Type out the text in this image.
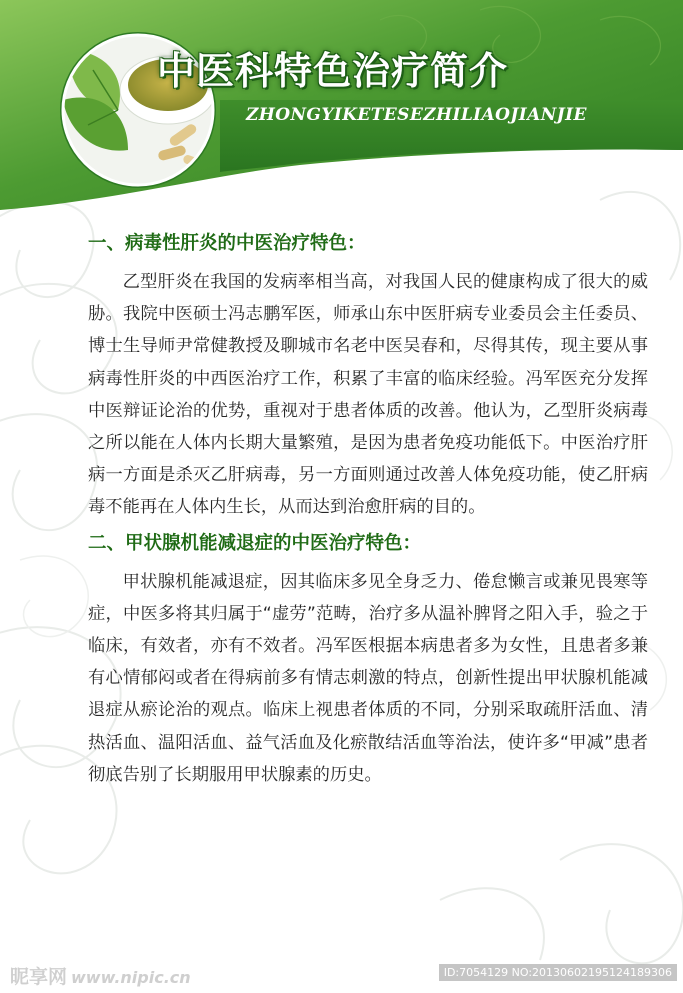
中医科特色治疗简介

ZHONGYIKETESEZHILIAOJIANJIE

一、病毒性肝炎的中医治疗特色：

乙型肝炎在我国的发病率相当高，对我国人民的健康构成了很大的威胁。我院中医硕士冯志鹏军医，师承山东中医肝病专业委员会主任委员、博士生导师尹常健教授及聊城市名老中医吴春和，尽得其传，现主要从事病毒性肝炎的中西医治疗工作，积累了丰富的临床经验。冯军医充分发挥中医辩证论治的优势，重视对于患者体质的改善。他认为，乙型肝炎病毒之所以能在人体内长期大量繁殖，是因为患者免疫功能低下。中医治疗肝病一方面是杀灭乙肝病毒，另一方面则通过改善人体免疫功能，使乙肝病毒不能再在人体内生长，从而达到治愈肝病的目的。

二、甲状腺机能减退症的中医治疗特色：

甲状腺机能减退症，因其临床多见全身乏力、倦怠懒言或兼见畏寒等症，中医多将其归属于“虚劳”范畴，治疗多从温补脾肾之阳入手，验之于临床，有效者，亦有不效者。冯军医根据本病患者多为女性，且患者多兼有心情郁闷或者在得病前多有情志刺激的特点，创新性提出甲状腺机能减退症从瘀论治的观点。临床上视患者体质的不同，分别采取疏肝活血、清热活血、温阳活血、益气活血及化瘀散结活血等治法，使许多“甲减”患者彻底告别了长期服用甲状腺素的历史。

昵享网 www.nipic.cn	ID:7054129 NO:20130602195124189306
